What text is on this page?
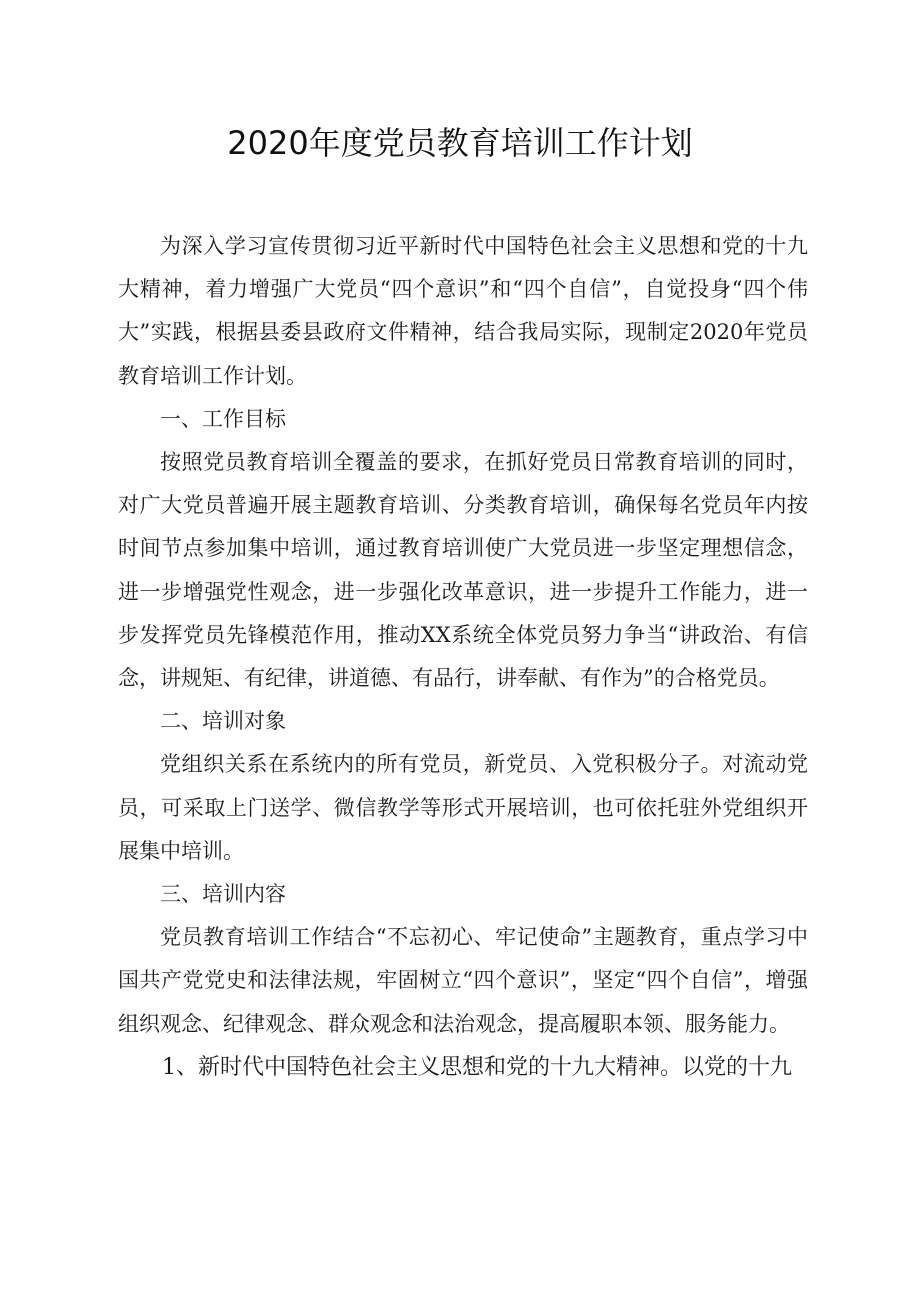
2020年度党员教育培训工作计划

为深入学习宣传贯彻习近平新时代中国特色社会主义思想和党的十九大精神，着力增强广大党员“四个意识”和“四个自信”，自觉投身“四个伟大”实践，根据县委县政府文件精神，结合我局实际，现制定2020年党员教育培训工作计划。

一、工作目标

按照党员教育培训全覆盖的要求，在抓好党员日常教育培训的同时，对广大党员普遍开展主题教育培训、分类教育培训，确保每名党员年内按时间节点参加集中培训，通过教育培训使广大党员进一步坚定理想信念，进一步增强党性观念，进一步强化改革意识，进一步提升工作能力，进一步发挥党员先锋模范作用，推动XX系统全体党员努力争当“讲政治、有信念，讲规矩、有纪律，讲道德、有品行，讲奉献、有作为”的合格党员。

二、培训对象

党组织关系在系统内的所有党员，新党员、入党积极分子。对流动党员，可采取上门送学、微信教学等形式开展培训，也可依托驻外党组织开展集中培训。

三、培训内容

党员教育培训工作结合“不忘初心、牢记使命”主题教育，重点学习中国共产党党史和法律法规，牢固树立“四个意识”，坚定“四个自信”，增强组织观念、纪律观念、群众观念和法治观念，提高履职本领、服务能力。

1、新时代中国特色社会主义思想和党的十九大精神。以党的十九
